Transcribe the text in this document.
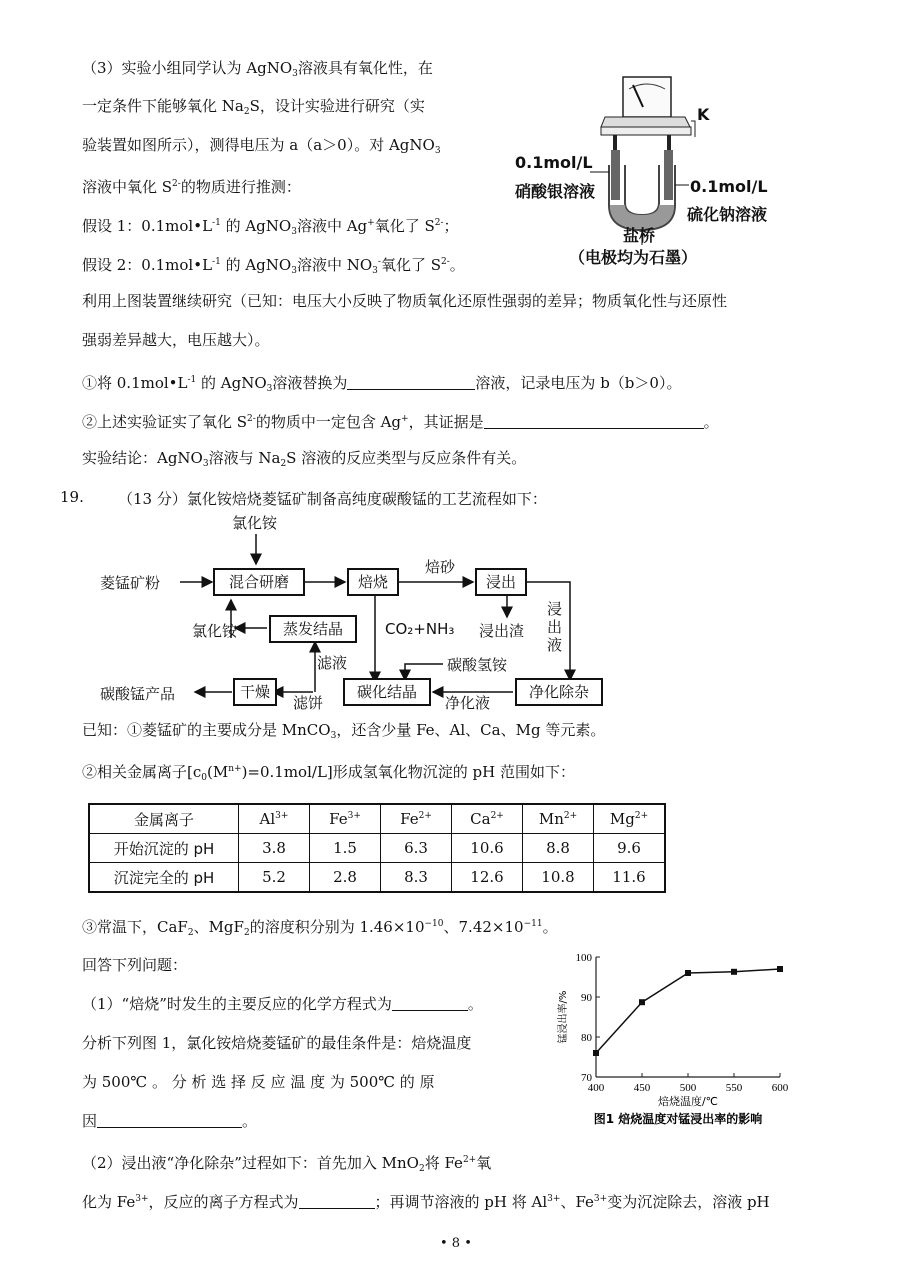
（3）实验小组同学认为 AgNO$_3$溶液具有氧化性，在
一定条件下能够氧化 $Na_2S$，设计实验进行研究（实
验装置如图所示），测得电压为 a（a＞0）。对 AgNO$_3$
溶液中氧化 $S^{2-}$的物质进行推测：
假设 1：$0.1mol•L^{-1}$ 的 AgNO$_3$溶液中 Ag+氧化了 $S^{2-}$；
假设 2：$0.1mol•L^{-1}$ 的 AgNO$_3$溶液中 $NO_3^-$氧化了 $S^{2-}$。
利用上图装置继续研究（已知：电压大小反映了物质氧化还原性强弱的差异；物质氧化性与还原性
强弱差异越大，电压越大）。
①将 $0.1mol•L^{-1}$ 的 AgNO$_3$溶液替换为	溶液，记录电压为 b（b＞0）。
②上述实验证实了氧化 $S^{2-}$的物质中一定包含 Ag+，其证据是	。
实验结论：AgNO$_3$溶液与 $Na_2S$ 溶液的反应类型与反应条件有关。
K
0.1mol/L
硝酸银溶液	0.1mol/L
硫化钠溶液
盐桥
（电极均为石墨）
19. （13 分）氯化铵焙烧菱锰矿制备高纯度碳酸锰的工艺流程如下：
氯化铵
菱锰矿粉	混合研磨	焙烧
焙砂
浸出
浸出渣
浸出液
氯化铵	蒸发结晶	CO₂+NH₃
滤液	碳酸氢铵
碳酸锰产品	干燥
滤饼
碳化结晶
净化液
净化除杂
已知：①菱锰矿的主要成分是 MnCO$_3$，还含少量 Fe、Al、Ca、Mg 等元素。
②相关金属离子$[c_0(M^{n+})=0.1mol/L]$形成氢氧化物沉淀的 pH 范围如下：
金属离子	$Al^{3+}$	$Fe^{3+}$	$Fe^{2+}$	$Ca^{2+}$	$Mn^{2+}$	$Mg^{2+}$
开始沉淀的 pH	3.8	1.5	6.3	10.6	8.8	9.6
沉淀完全的 pH	5.2	2.8	8.3	12.6	10.8	11.6
③常温下，CaF$_2$、MgF$_2$的溶度积分别为 $1.46\times 10^{-10}$、$7.42\times 10^{-11}$。
回答下列问题：
（1）“焙烧”时发生的主要反应的化学方程式为	。
分析下列图 1，氯化铵焙烧菱锰矿的最佳条件是：焙烧温度
为 500℃ 。 分 析 选 择 反 应 温 度 为 500℃ 的 原
因	。
（2）浸出液“净化除杂”过程如下：首先加入 MnO$_2$将 $Fe^{2+}$氧
化为 $Fe^{3+}$，反应的离子方程式为	；再调节溶液的 pH 将 $Al^{3+}$、$Fe^{3+}$变为沉淀除去，溶液 pH
70
80
90
100
400	450	500	550	600
焙烧温度/℃
锰浸出率/%
图1 焙烧温度对锰浸出率的影响
• 8 •
